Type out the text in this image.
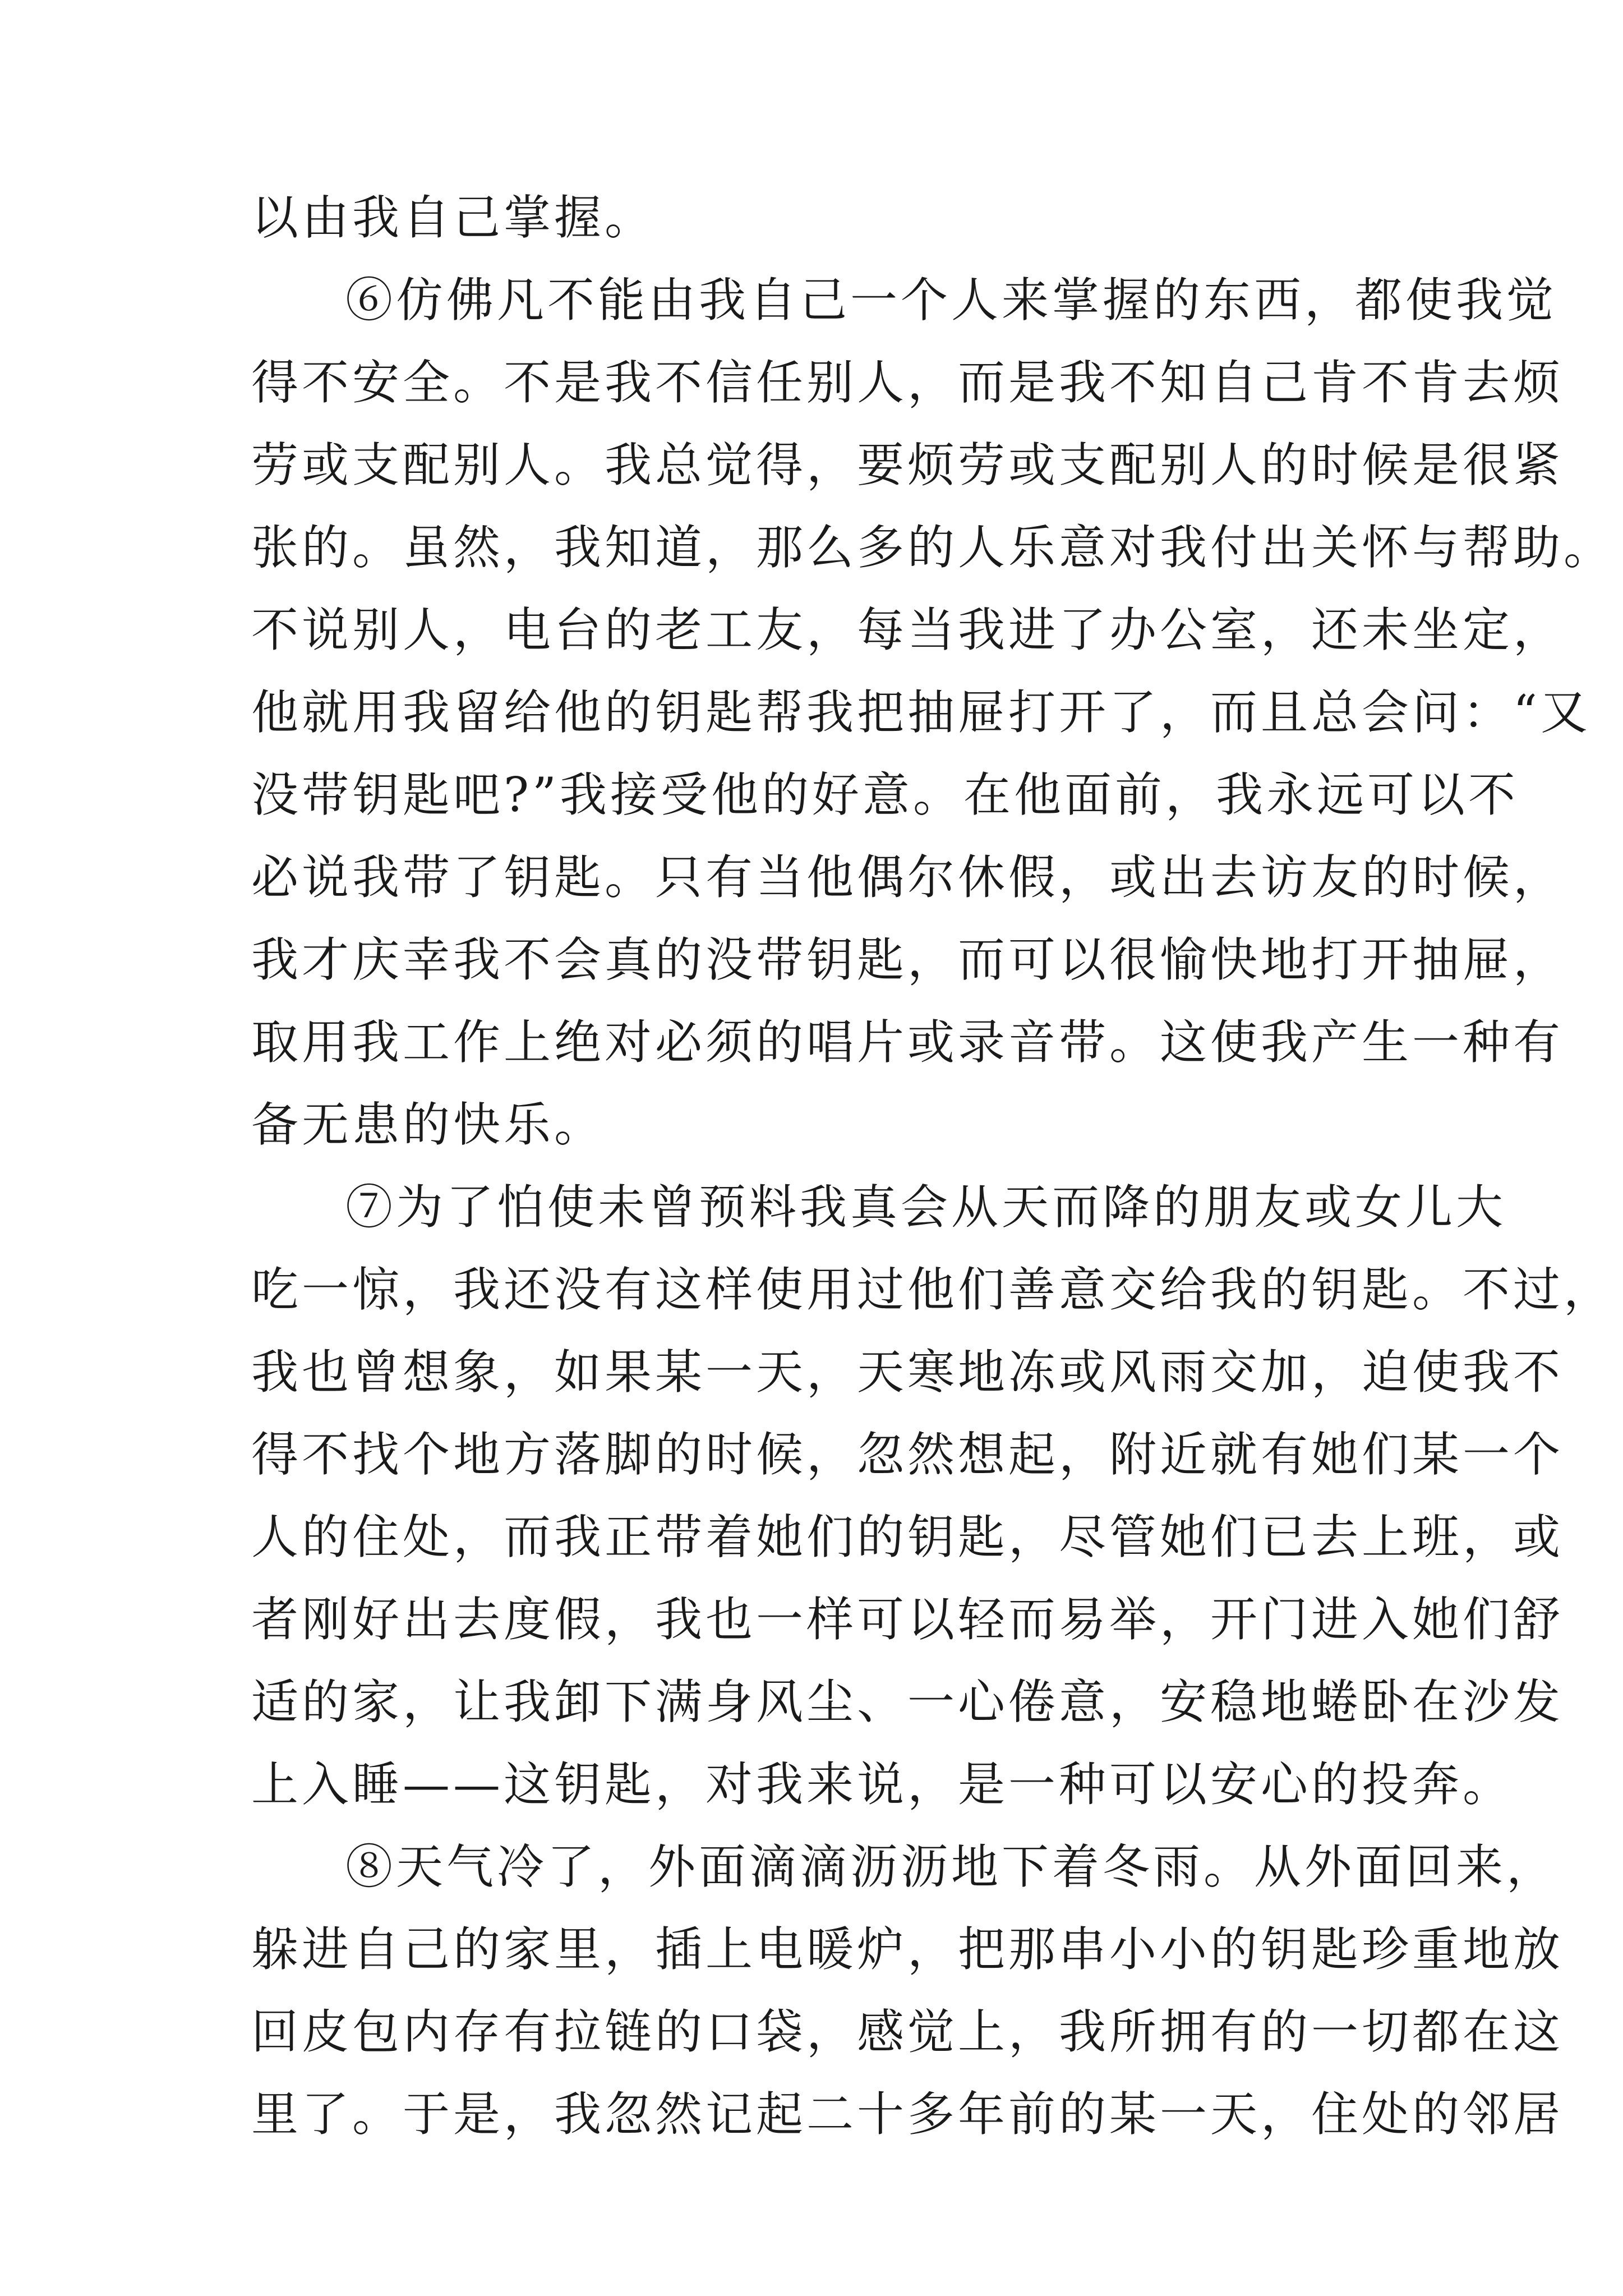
以由我自己掌握。
⑥仿佛凡不能由我自己一个人来掌握的东西，都使我觉
得不安全。不是我不信任别人，而是我不知自己肯不肯去烦
劳或支配别人。我总觉得，要烦劳或支配别人的时候是很紧
张的。虽然，我知道，那么多的人乐意对我付出关怀与帮助。
不说别人，电台的老工友，每当我进了办公室，还未坐定，
他就用我留给他的钥匙帮我把抽屉打开了，而且总会问：“又
没带钥匙吧?”我接受他的好意。在他面前，我永远可以不
必说我带了钥匙。只有当他偶尔休假，或出去访友的时候，
我才庆幸我不会真的没带钥匙，而可以很愉快地打开抽屉，
取用我工作上绝对必须的唱片或录音带。这使我产生一种有
备无患的快乐。
⑦为了怕使未曾预料我真会从天而降的朋友或女儿大
吃一惊，我还没有这样使用过他们善意交给我的钥匙。不过，
我也曾想象，如果某一天，天寒地冻或风雨交加，迫使我不
得不找个地方落脚的时候，忽然想起，附近就有她们某一个
人的住处，而我正带着她们的钥匙，尽管她们已去上班，或
者刚好出去度假，我也一样可以轻而易举，开门进入她们舒
适的家，让我卸下满身风尘、一心倦意，安稳地蜷卧在沙发
上入睡——这钥匙，对我来说，是一种可以安心的投奔。
⑧天气冷了，外面滴滴沥沥地下着冬雨。从外面回来，
躲进自己的家里，插上电暖炉，把那串小小的钥匙珍重地放
回皮包内存有拉链的口袋，感觉上，我所拥有的一切都在这
里了。于是，我忽然记起二十多年前的某一天，住处的邻居
